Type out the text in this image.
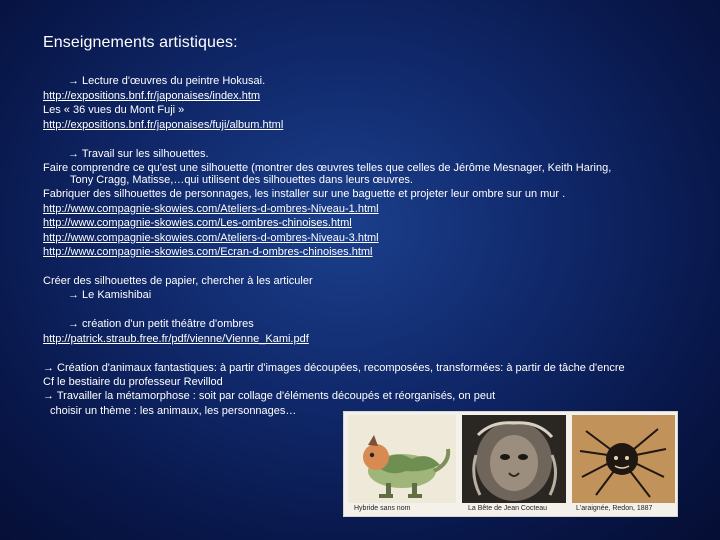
Enseignements artistiques:
→ Lecture d'œuvres du peintre Hokusai.
http://expositions.bnf.fr/japonaises/index.htm
Les « 36 vues du Mont Fuji »
http://expositions.bnf.fr/japonaises/fuji/album.html
→ Travail sur les silhouettes.
Faire comprendre ce qu'est une silhouette (montrer des œuvres telles que celles de Jérôme Mesnager, Keith Haring,
Tony Cragg, Matisse,…qui utilisent des silhouettes dans leurs œuvres.
Fabriquer des silhouettes de personnages, les installer sur une baguette et projeter leur ombre sur un mur .
http://www.compagnie-skowies.com/Ateliers-d-ombres-Niveau-1.html
http://www.compagnie-skowies.com/Les-ombres-chinoises.html
http://www.compagnie-skowies.com/Ateliers-d-ombres-Niveau-3.html
http://www.compagnie-skowies.com/Ecran-d-ombres-chinoises.html
Créer des silhouettes de papier, chercher à les articuler
→ Le Kamishibai
→ création d'un petit théâtre d'ombres
http://patrick.straub.free.fr/pdf/vienne/Vienne_Kami.pdf
→ Création d'animaux fantastiques: à partir d'images découpées, recomposées, transformées: à partir de tâche d'encre
Cf le bestiaire du professeur Revillod
→ Travailler la métamorphose : soit par collage d'éléments découpés et réorganisés, on peut
choisir un thème : les animaux, les personnages…
Hybride sans nom	La Bête de Jean Cocteau	L'araignée, Redon, 1887
